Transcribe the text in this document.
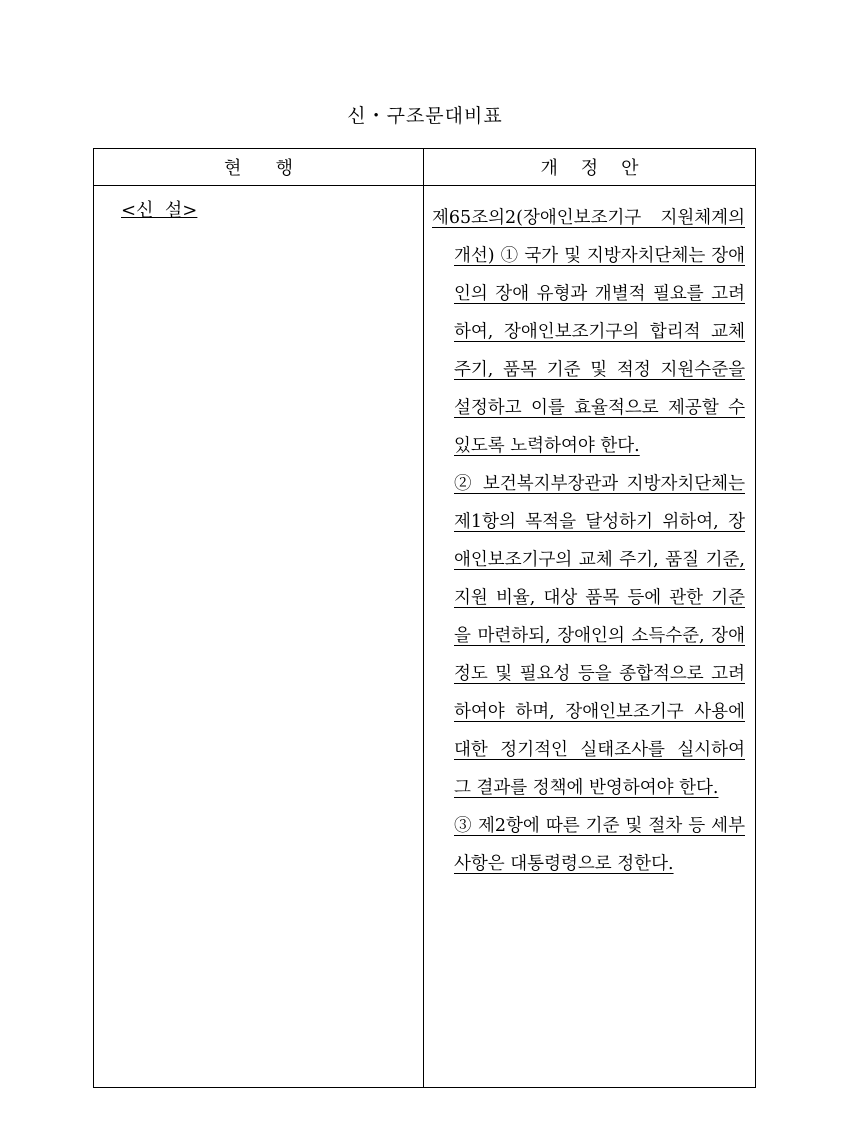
신・구조문대비표
현      행	개    정    안
<신  설>	제65조의2(장애인보조기구 지원체계의 개선) ① 국가 및 지방자치단체는 장애인의 장애 유형과 개별적 필요를 고려하여, 장애인보조기구의 합리적 교체주기, 품목 기준 및 적정 지원수준을 설정하고 이를 효율적으로 제공할 수 있도록 노력하여야 한다.
② 보건복지부장관과 지방자치단체는 제1항의 목적을 달성하기 위하여, 장애인보조기구의 교체 주기, 품질 기준, 지원 비율, 대상 품목 등에 관한 기준을 마련하되, 장애인의 소득수준, 장애 정도 및 필요성 등을 종합적으로 고려하여야 하며, 장애인보조기구 사용에 대한 정기적인 실태조사를 실시하여 그 결과를 정책에 반영하여야 한다.
③ 제2항에 따른 기준 및 절차 등 세부사항은 대통령령으로 정한다.
